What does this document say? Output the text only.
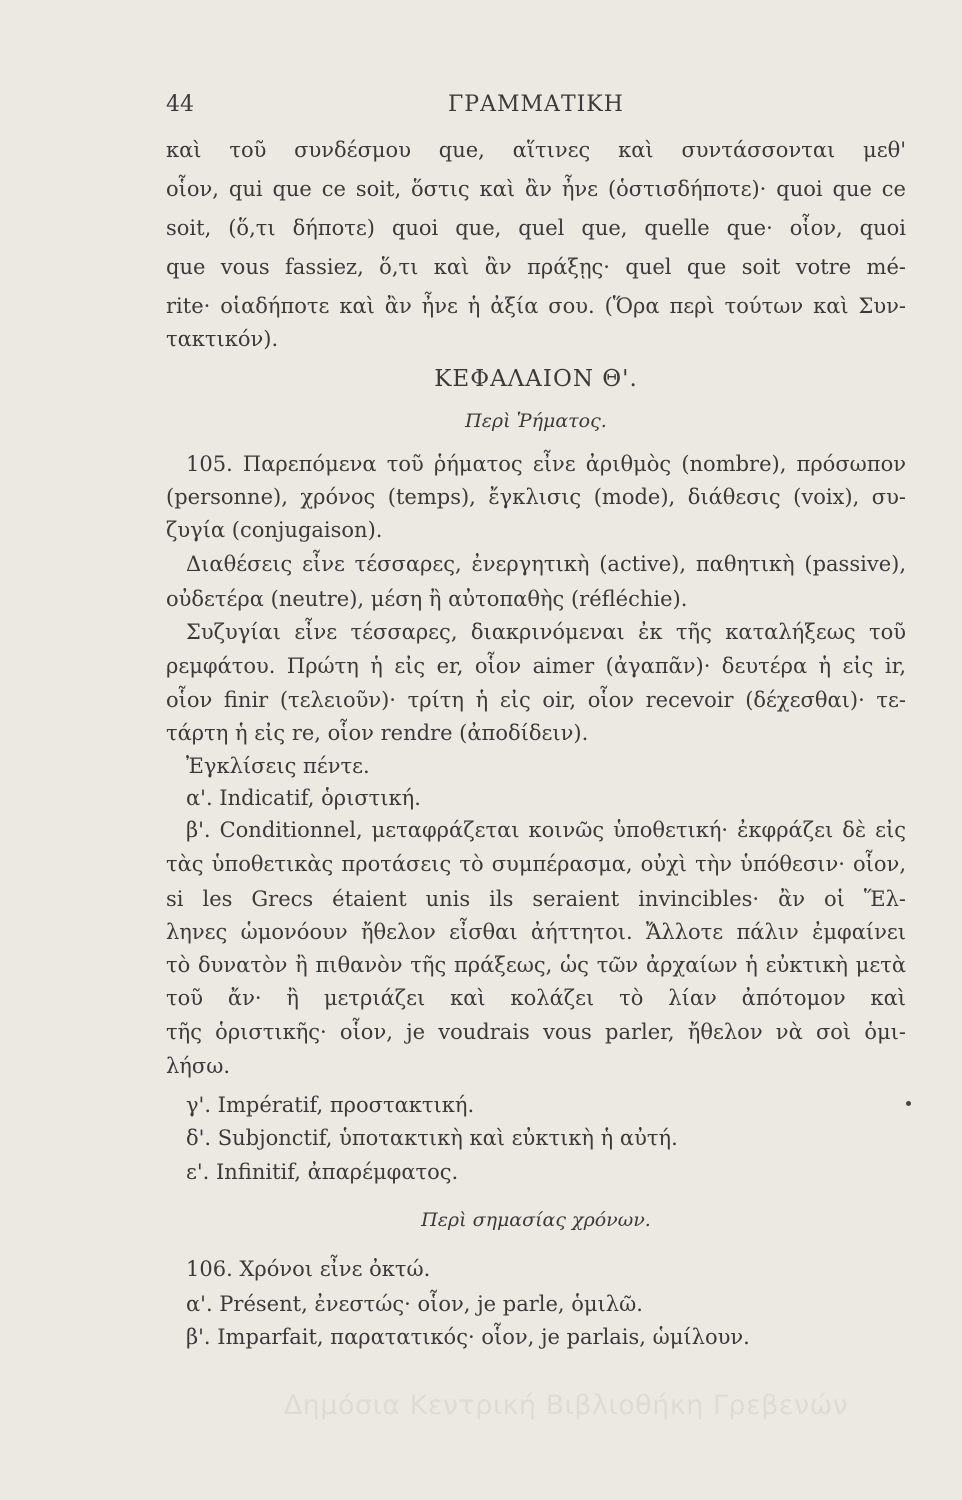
44	ΓΡΑΜΜΑΤΙΚΗ
καὶ τοῦ συνδέσμου que, αἵτινες καὶ συντάσσονται μεθ'
οἷον, qui que ce soit, ὅστις καὶ ἂν ἦνε (ὁστισδήποτε)· quoi que ce
soit, (ὅ,τι δήποτε) quoi que, quel que, quelle que· οἷον, quoi
que vous fassiez, ὅ,τι καὶ ἂν πράξῃς· quel que soit votre mé-
rite· οἱαδήποτε καὶ ἂν ἦνε ἡ ἀξία σου. (Ὅρα περὶ τούτων καὶ Συν-
τακτικόν).
ΚΕΦΑΛΑΙΟΝ Θ'.
Περὶ Ῥήματος.
105. Παρεπόμενα τοῦ ῥήματος εἶνε ἀριθμὸς (nombre), πρόσωπον
(personne), χρόνος (temps), ἔγκλισις (mode), διάθεσις (voix), συ-
ζυγία (conjugaison).
Διαθέσεις εἶνε τέσσαρες, ἐνεργητικὴ (active), παθητικὴ (passive),
οὐδετέρα (neutre), μέση ἢ αὐτοπαθὴς (réfléchie).
Συζυγίαι εἶνε τέσσαρες, διακρινόμεναι ἐκ τῆς καταλήξεως τοῦ
ρεμφάτου. Πρώτη ἡ εἰς er, οἷον aimer (ἀγαπᾶν)· δευτέρα ἡ εἰς ir,
οἷον finir (τελειοῦν)· τρίτη ἡ εἰς oir, οἷον recevoir (δέχεσθαι)· τε-
τάρτη ἡ εἰς re, οἷον rendre (ἀποδίδειν).
Ἐγκλίσεις πέντε.
α'. Indicatif, ὁριστική.
β'. Conditionnel, μεταφράζεται κοινῶς ὑποθετική· ἐκφράζει δὲ εἰς
τὰς ὑποθετικὰς προτάσεις τὸ συμπέρασμα, οὐχὶ τὴν ὑπόθεσιν· οἷον,
si les Grecs étaient unis ils seraient invincibles· ἂν οἱ Ἕλ-
ληνες ὡμονόουν ἤθελον εἶσθαι ἀήττητοι. Ἄλλοτε πάλιν ἐμφαίνει
τὸ δυνατὸν ἢ πιθανὸν τῆς πράξεως, ὡς τῶν ἀρχαίων ἡ εὐκτικὴ μετὰ
τοῦ ἄν· ἢ μετριάζει καὶ κολάζει τὸ λίαν ἀπότομον καὶ
τῆς ὁριστικῆς· οἷον, je voudrais vous parler, ἤθελον νὰ σοὶ ὁμι-
λήσω.
γ'. Impératif, προστακτική.
δ'. Subjonctif, ὑποτακτικὴ καὶ εὐκτικὴ ἡ αὐτή.
ε'. Infinitif, ἀπαρέμφατος.
Περὶ σημασίας χρόνων.
106. Χρόνοι εἶνε ὀκτώ.
α'. Présent, ἐνεστώς· οἷον, je parle, ὁμιλῶ.
β'. Imparfait, παρατατικός· οἷον, je parlais, ὡμίλουν.
Δημόσια Κεντρική Βιβλιοθήκη Γρεβενών
